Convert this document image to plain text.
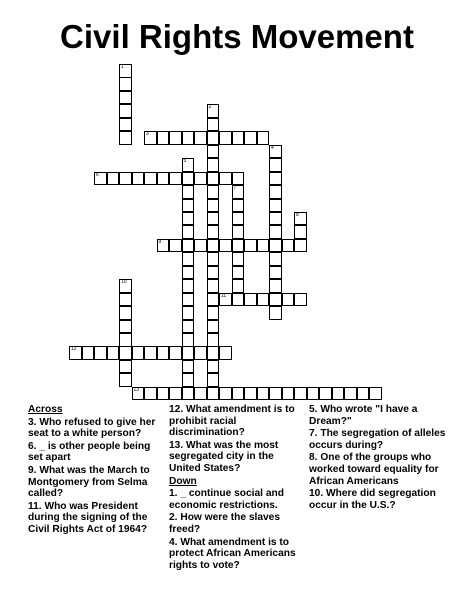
Civil Rights Movement
1
2
3
4
5
6
7
8
9
10
11
12
13
Across
3. Who refused to give her seat to a white person?
6. _ is other people being set apart
9. What was the March to Montgomery from Selma called?
11. Who was President during the signing of the Civil Rights Act of 1964?
12. What amendment is to prohibit racial discrimination?
13. What was the most segregated city in the United States?
Down
1. _ continue social and economic restrictions.
2. How were the slaves freed?
4. What amendment is to protect African Americans rights to vote?
5. Who wrote "I have a Dream?"
7. The segregation of alleles occurs during?
8. One of the groups who worked toward equality for African Americans
10. Where did segregation occur in the U.S.?
